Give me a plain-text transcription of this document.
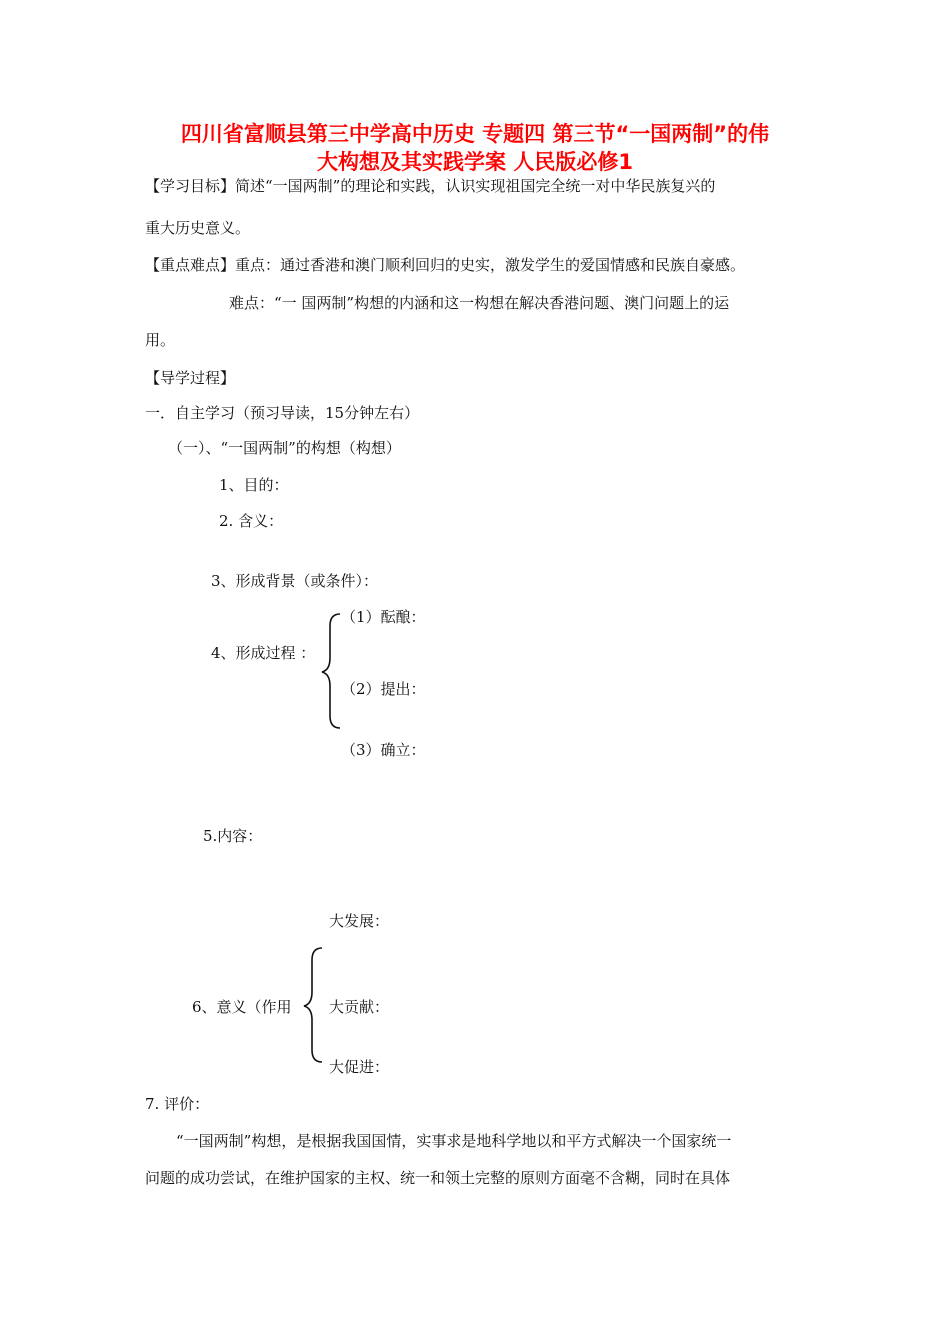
四川省富顺县第三中学高中历史 专题四 第三节“一国两制”的伟
大构想及其实践学案 人民版必修1
【学习目标】简述“一国两制”的理论和实践，认识实现祖国完全统一对中华民族复兴的
重大历史意义。
【重点难点】重点：通过香港和澳门顺利回归的史实，激发学生的爱国情感和民族自豪感。
难点：“一 国两制”构想的内涵和这一构想在解决香港问题、澳门问题上的运
用。
【导学过程】
一．自主学习（预习导读，15分钟左右）
（一）、“一国两制”的构想（构想）
1、目的：
2. 含义：
3、形成背景（或条件）：
4、形成过程 ：
（1）酝酿：
（2）提出：
（3）确立：
5.内容：
大发展：
6、意义（作用 大贡献：
大促进：
7. 评价：
“一国两制”构想，是根据我国国情，实事求是地科学地以和平方式解决一个国家统一
问题的成功尝试，在维护国家的主权、统一和领土完整的原则方面毫不含糊，同时在具体
